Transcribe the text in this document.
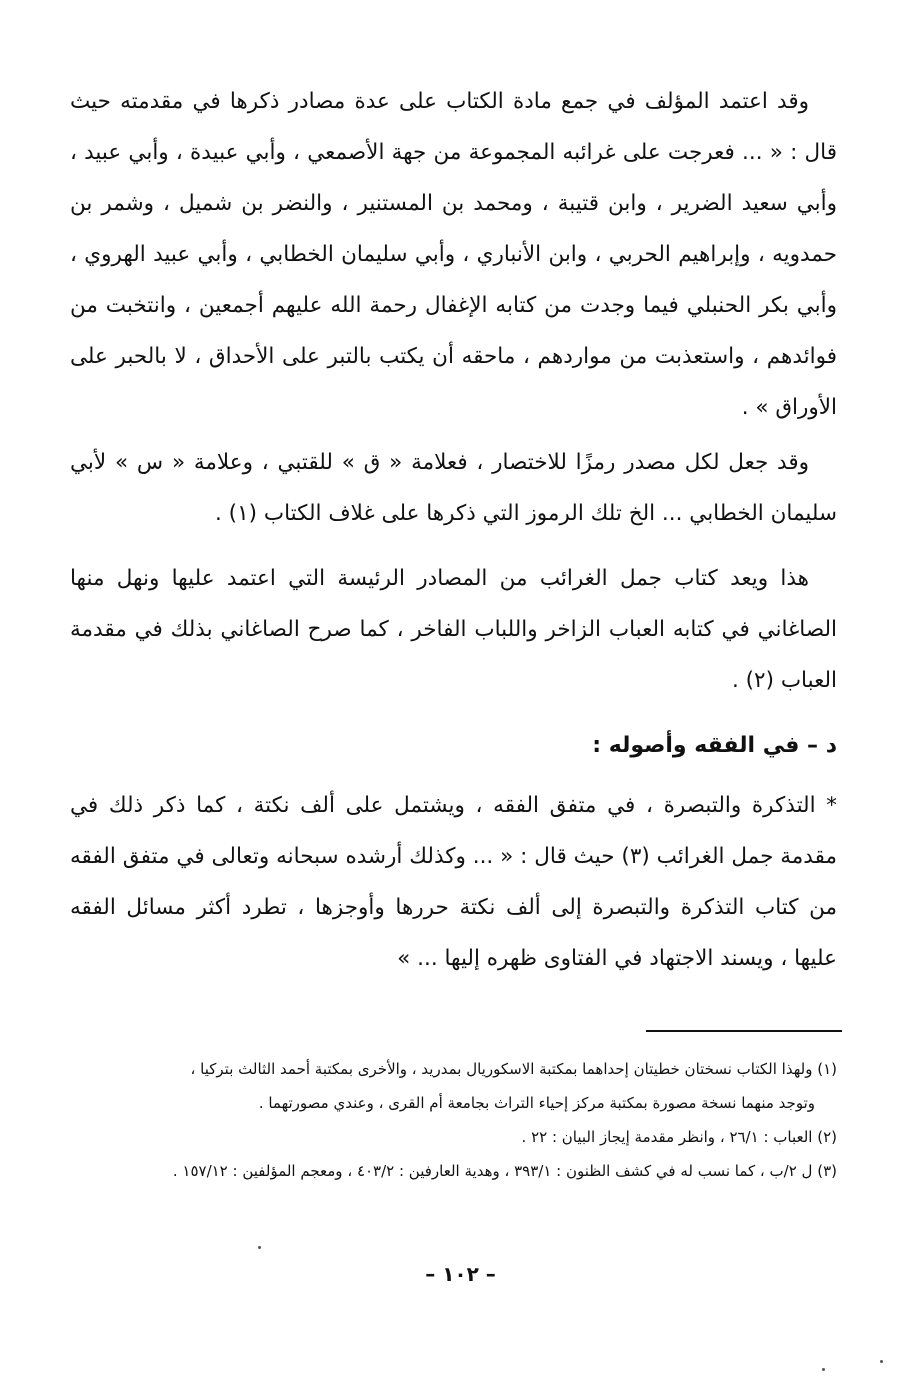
وقد اعتمد المؤلف في جمع مادة الكتاب على عدة مصادر ذكرها في مقدمته حيث قال : « ... فعرجت على غرائبه المجموعة من جهة الأصمعي ، وأبي عبيدة ، وأبي عبيد ، وأبي سعيد الضرير ، وابن قتيبة ، ومحمد بن المستنير ، والنضر بن شميل ، وشمر بن حمدويه ، وإبراهيم الحربي ، وابن الأنباري ، وأبي سليمان الخطابي ، وأبي عبيد الهروي ، وأبي بكر الحنبلي فيما وجدت من كتابه الإغفال رحمة الله عليهم أجمعين ، وانتخبت من فوائدهم ، واستعذبت من مواردهم ، ماحقه أن يكتب بالتبر على الأحداق ، لا بالحبر على الأوراق » .

وقد جعل لكل مصدر رمزًا للاختصار ، فعلامة « ق » للقتبي ، وعلامة « س » لأبي سليمان الخطابي ... الخ تلك الرموز التي ذكرها على غلاف الكتاب (١) .

هذا ويعد كتاب جمل الغرائب من المصادر الرئيسة التي اعتمد عليها ونهل منها الصاغاني في كتابه العباب الزاخر واللباب الفاخر ، كما صرح الصاغاني بذلك في مقدمة العباب (٢) .

د – في الفقه وأصوله :

* التذكرة والتبصرة ، في متفق الفقه ، ويشتمل على ألف نكتة ، كما ذكر ذلك في مقدمة جمل الغرائب (٣) حيث قال : « ... وكذلك أرشده سبحانه وتعالى في متفق الفقه من كتاب التذكرة والتبصرة إلى ألف نكتة حررها وأوجزها ، تطرد أكثر مسائل الفقه عليها ، ويسند الاجتهاد في الفتاوى ظهره إليها ... »

(١) ولهذا الكتاب نسختان خطيتان إحداهما بمكتبة الاسكوريال بمدريد ، والأخرى بمكتبة أحمد الثالث بتركيا ،

وتوجد منهما نسخة مصورة بمكتبة مركز إحياء التراث بجامعة أم القرى ، وعندي مصورتهما .

(٢) العباب : ٢٦/١ ، وانظر مقدمة إيجاز البيان : ٢٢ .

(٣) ل ٢/ب ، كما نسب له في كشف الظنون : ٣٩٣/١ ، وهدية العارفين : ٤٠٣/٢ ، ومعجم المؤلفين : ١٥٧/١٢ .

– ١٠٢ –
